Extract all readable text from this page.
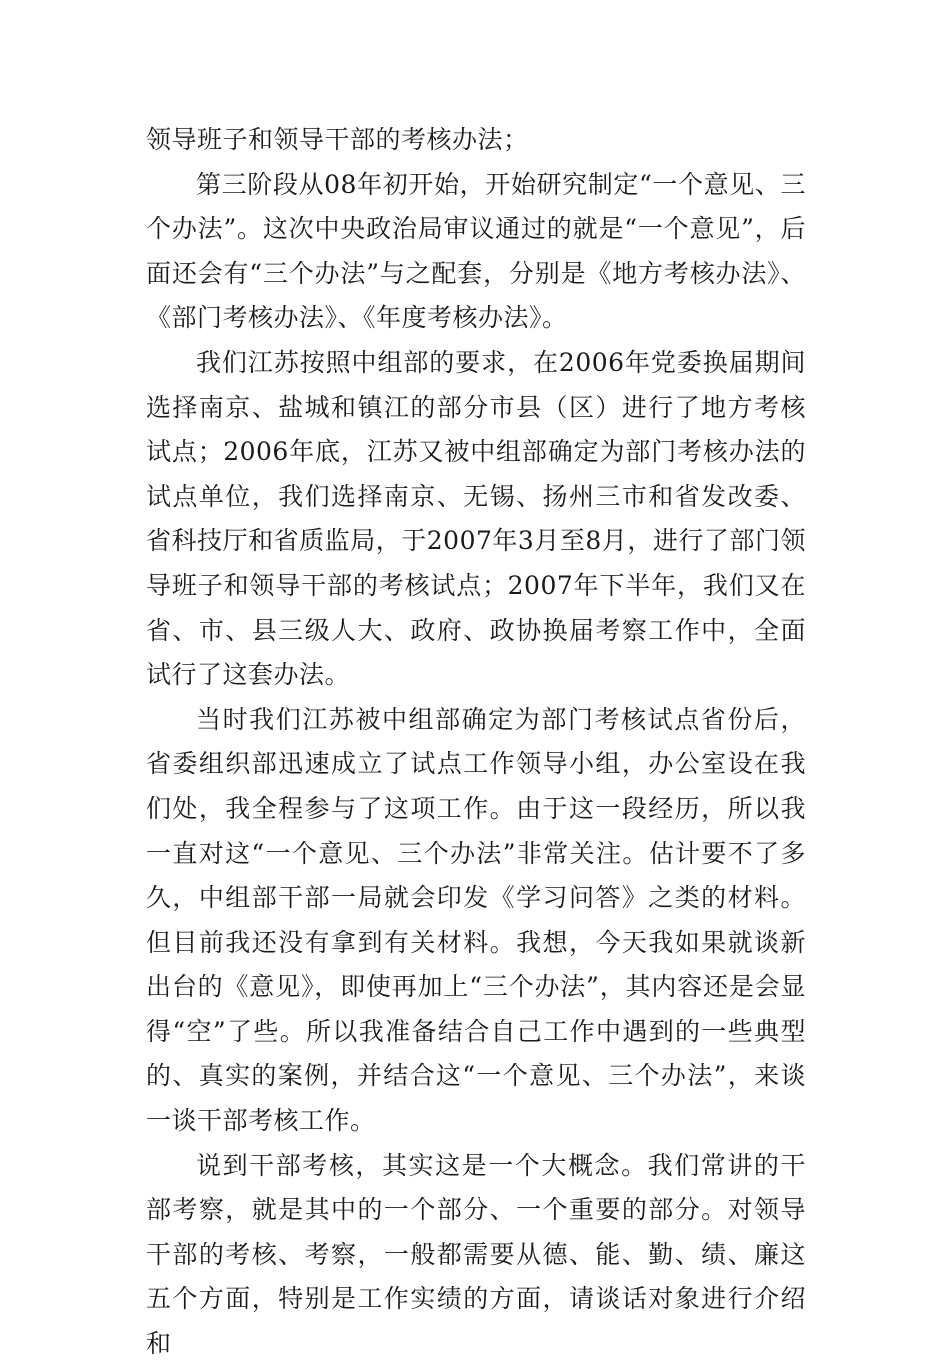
领导班子和领导干部的考核办法；

第三阶段从08年初开始，开始研究制定“一个意见、三个办法”。这次中央政治局审议通过的就是“一个意见”，后面还会有“三个办法”与之配套，分别是《地方考核办法》、《部门考核办法》、《年度考核办法》。

我们江苏按照中组部的要求，在2006年党委换届期间选择南京、盐城和镇江的部分市县（区）进行了地方考核试点；2006年底，江苏又被中组部确定为部门考核办法的试点单位，我们选择南京、无锡、扬州三市和省发改委、省科技厅和省质监局，于2007年3月至8月，进行了部门领导班子和领导干部的考核试点；2007年下半年，我们又在省、市、县三级人大、政府、政协换届考察工作中，全面试行了这套办法。

当时我们江苏被中组部确定为部门考核试点省份后，省委组织部迅速成立了试点工作领导小组，办公室设在我们处，我全程参与了这项工作。由于这一段经历，所以我一直对这“一个意见、三个办法”非常关注。估计要不了多久，中组部干部一局就会印发《学习问答》之类的材料。但目前我还没有拿到有关材料。我想，今天我如果就谈新出台的《意见》，即使再加上“三个办法”，其内容还是会显得“空”了些。所以我准备结合自己工作中遇到的一些典型的、真实的案例，并结合这“一个意见、三个办法”，来谈一谈干部考核工作。

说到干部考核，其实这是一个大概念。我们常讲的干部考察，就是其中的一个部分、一个重要的部分。对领导干部的考核、考察，一般都需要从德、能、勤、绩、廉这五个方面，特别是工作实绩的方面，请谈话对象进行介绍和
